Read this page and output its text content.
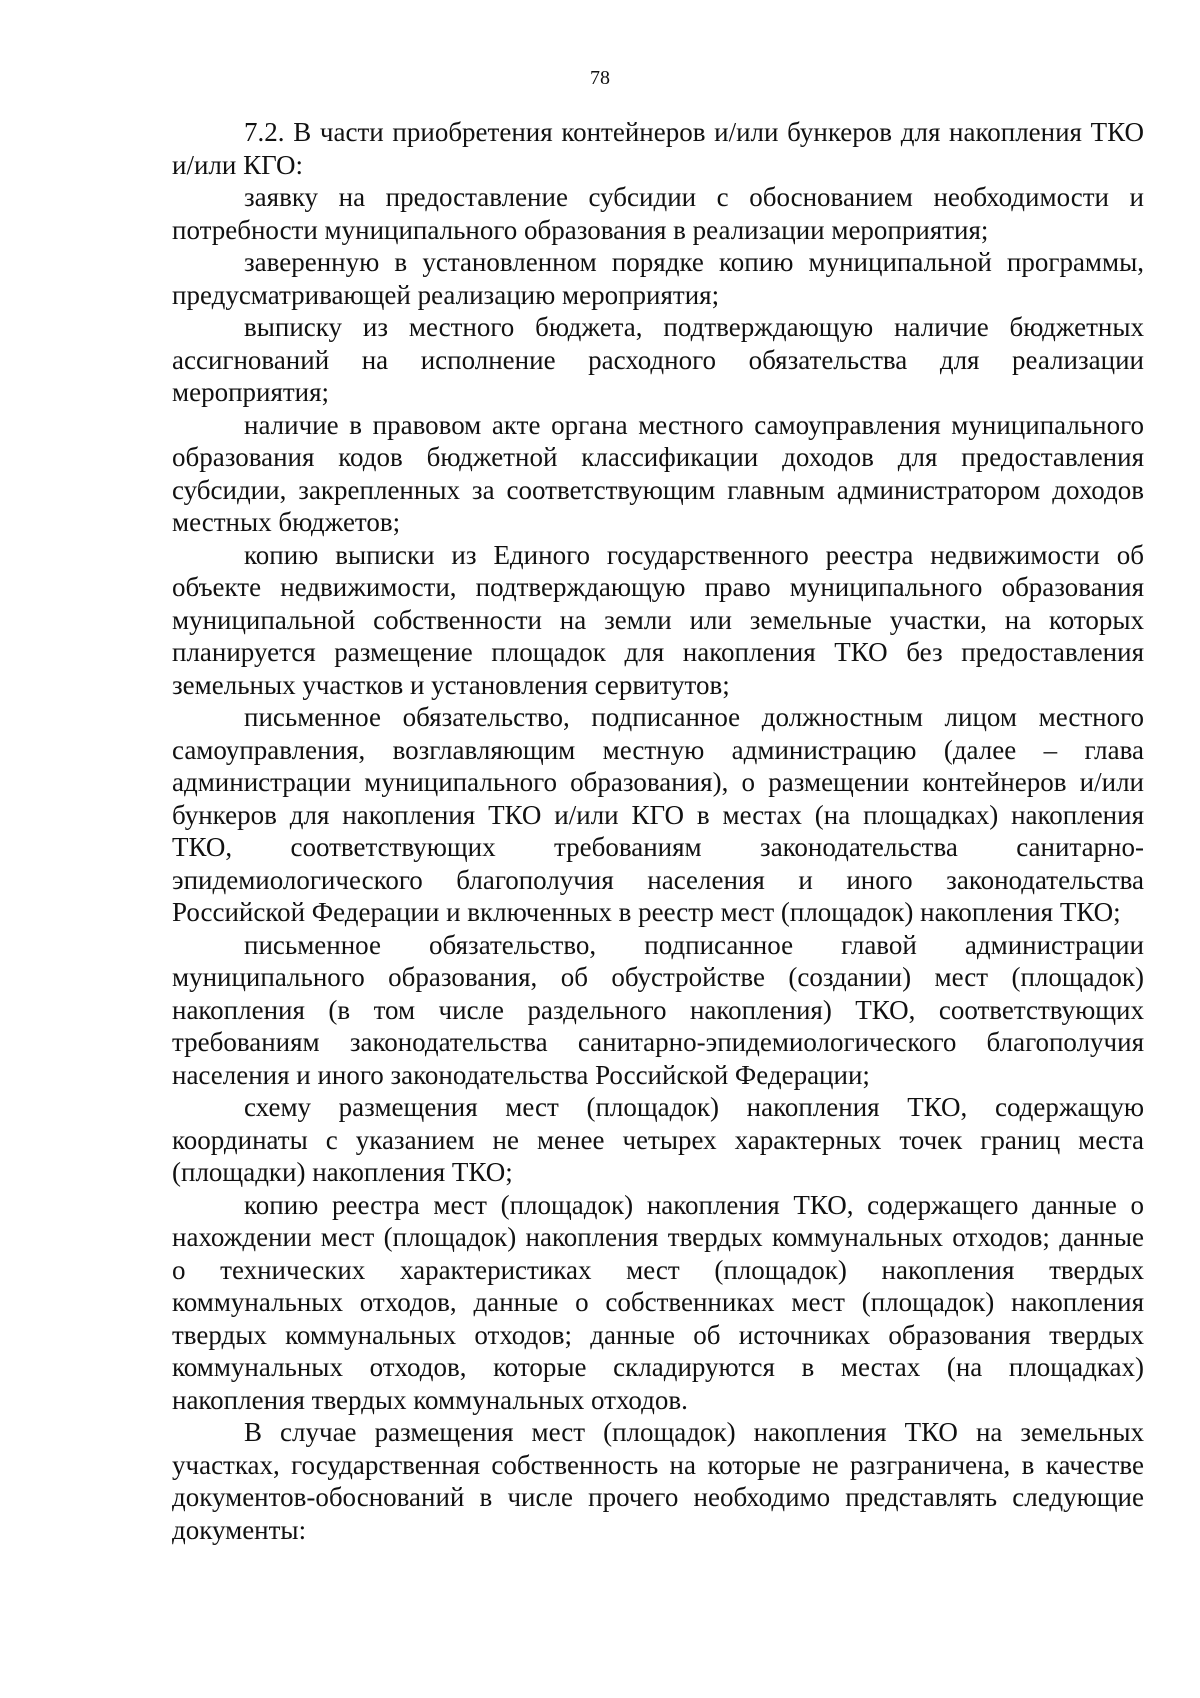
78

7.2. В части приобретения контейнеров и/или бункеров для накопления ТКО и/или КГО:

заявку на предоставление субсидии с обоснованием необходимости и потребности муниципального образования в реализации мероприятия;

заверенную в установленном порядке копию муниципальной программы, предусматривающей реализацию мероприятия;

выписку из местного бюджета, подтверждающую наличие бюджетных ассигнований на исполнение расходного обязательства для реализации мероприятия;

наличие в правовом акте органа местного самоуправления муниципального образования кодов бюджетной классификации доходов для предоставления субсидии, закрепленных за соответствующим главным администратором доходов местных бюджетов;

копию выписки из Единого государственного реестра недвижимости об объекте недвижимости, подтверждающую право муниципального образования муниципальной собственности на земли или земельные участки, на которых планируется размещение площадок для накопления ТКО без предоставления земельных участков и установления сервитутов;

письменное обязательство, подписанное должностным лицом местного самоуправления, возглавляющим местную администрацию (далее – глава администрации муниципального образования), о размещении контейнеров и/или бункеров для накопления ТКО и/или КГО в местах (на площадках) накопления ТКО, соответствующих требованиям законодательства санитарно-эпидемиологического благополучия населения и иного законодательства Российской Федерации и включенных в реестр мест (площадок) накопления ТКО;

письменное обязательство, подписанное главой администрации муниципального образования, об обустройстве (создании) мест (площадок) накопления (в том числе раздельного накопления) ТКО, соответствующих требованиям законодательства санитарно-эпидемиологического благополучия населения и иного законодательства Российской Федерации;

схему размещения мест (площадок) накопления ТКО, содержащую координаты с указанием не менее четырех характерных точек границ места (площадки) накопления ТКО;

копию реестра мест (площадок) накопления ТКО, содержащего данные о нахождении мест (площадок) накопления твердых коммунальных отходов; данные о технических характеристиках мест (площадок) накопления твердых коммунальных отходов, данные о собственниках мест (площадок) накопления твердых коммунальных отходов; данные об источниках образования твердых коммунальных отходов, которые складируются в местах (на площадках) накопления твердых коммунальных отходов.

В случае размещения мест (площадок) накопления ТКО на земельных участках, государственная собственность на которые не разграничена, в качестве документов-обоснований в числе прочего необходимо представлять следующие документы:
